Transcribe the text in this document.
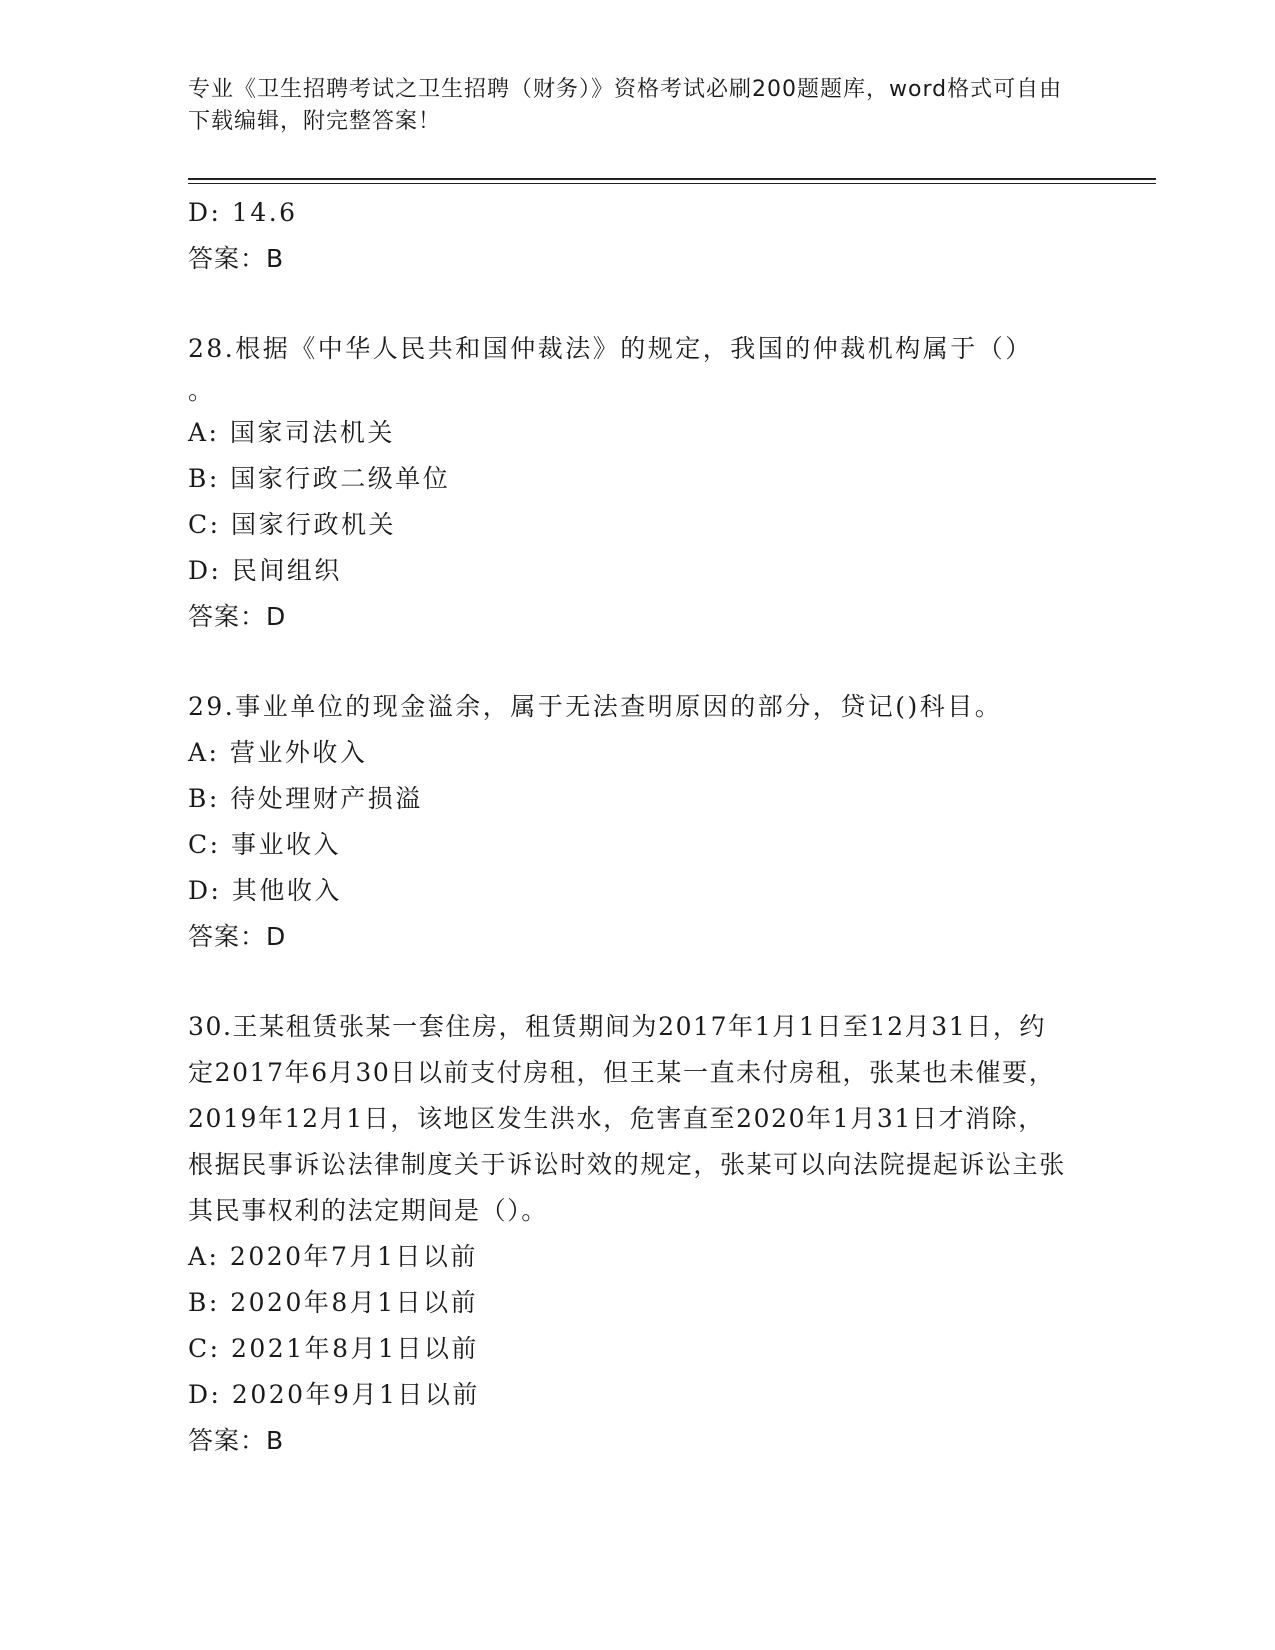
专业《卫生招聘考试之卫生招聘（财务）》资格考试必刷200题题库，word格式可自由下载编辑，附完整答案！
D: 14.6
答案：B
28.根据《中华人民共和国仲裁法》的规定，我国的仲裁机构属于（）
。
A: 国家司法机关
B: 国家行政二级单位
C: 国家行政机关
D: 民间组织
答案：D
29.事业单位的现金溢余，属于无法查明原因的部分，贷记()科目。
A: 营业外收入
B: 待处理财产损溢
C: 事业收入
D: 其他收入
答案：D
30.王某租赁张某一套住房，租赁期间为2017年1月1日至12月31日，约定2017年6月30日以前支付房租，但王某一直未付房租，张某也未催要，2019年12月1日，该地区发生洪水，危害直至2020年1月31日才消除，根据民事诉讼法律制度关于诉讼时效的规定，张某可以向法院提起诉讼主张其民事权利的法定期间是（）。
A: 2020年7月1日以前
B: 2020年8月1日以前
C: 2021年8月1日以前
D: 2020年9月1日以前
答案：B
